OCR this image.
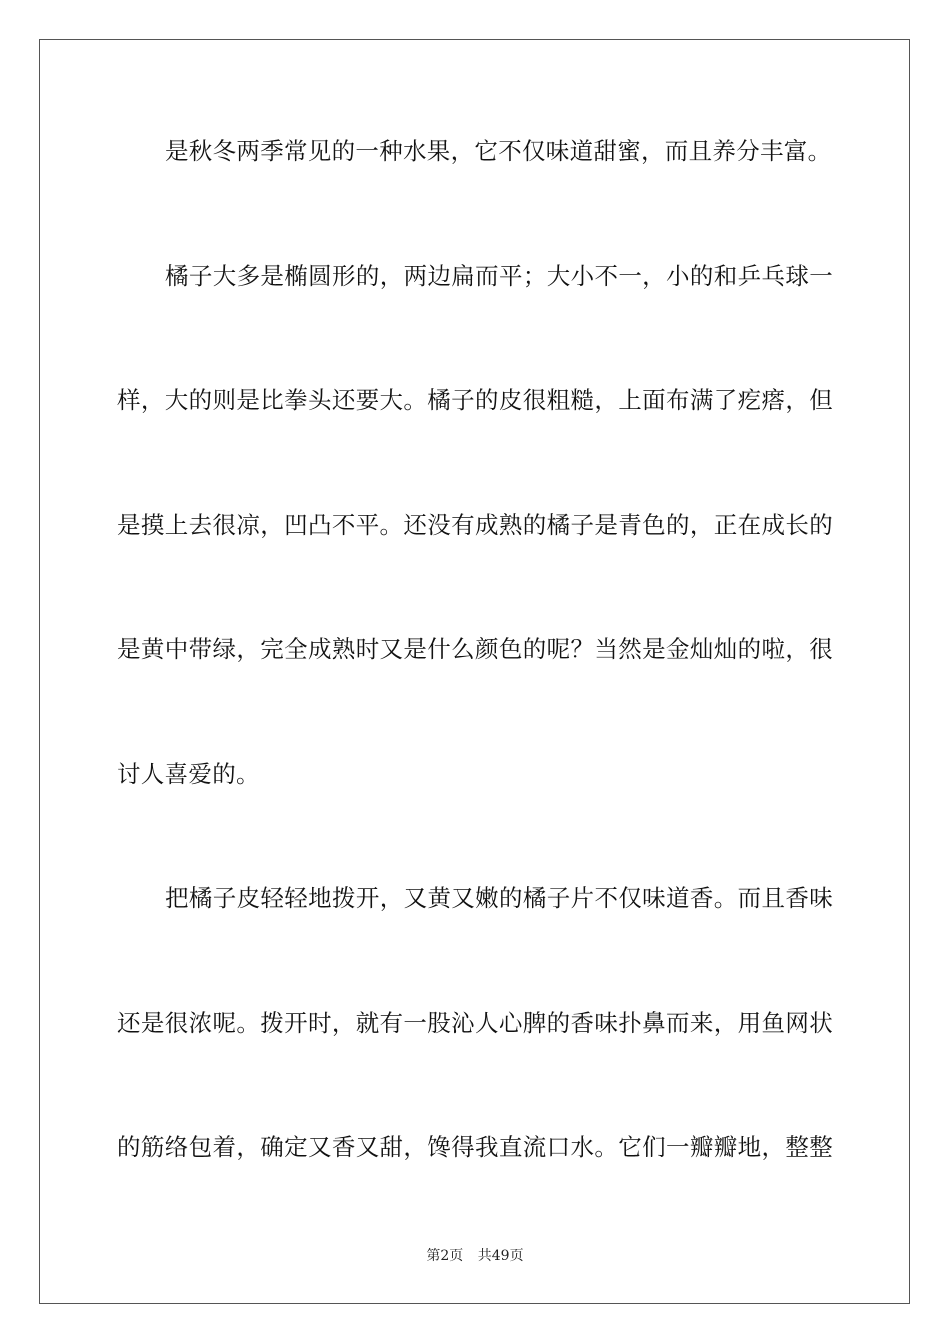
是秋冬两季常见的一种水果，它不仅味道甜蜜，而且养分丰富。
橘子大多是椭圆形的，两边扁而平；大小不一，小的和乒乓球一
样，大的则是比拳头还要大。橘子的皮很粗糙，上面布满了疙瘩，但
是摸上去很凉，凹凸不平。还没有成熟的橘子是青色的，正在成长的
是黄中带绿，完全成熟时又是什么颜色的呢？当然是金灿灿的啦，很
讨人喜爱的。
把橘子皮轻轻地拨开，又黄又嫩的橘子片不仅味道香。而且香味
还是很浓呢。拨开时，就有一股沁人心脾的香味扑鼻而来，用鱼网状
的筋络包着，确定又香又甜，馋得我直流口水。它们一瓣瓣地，整整
第2页 共49页
